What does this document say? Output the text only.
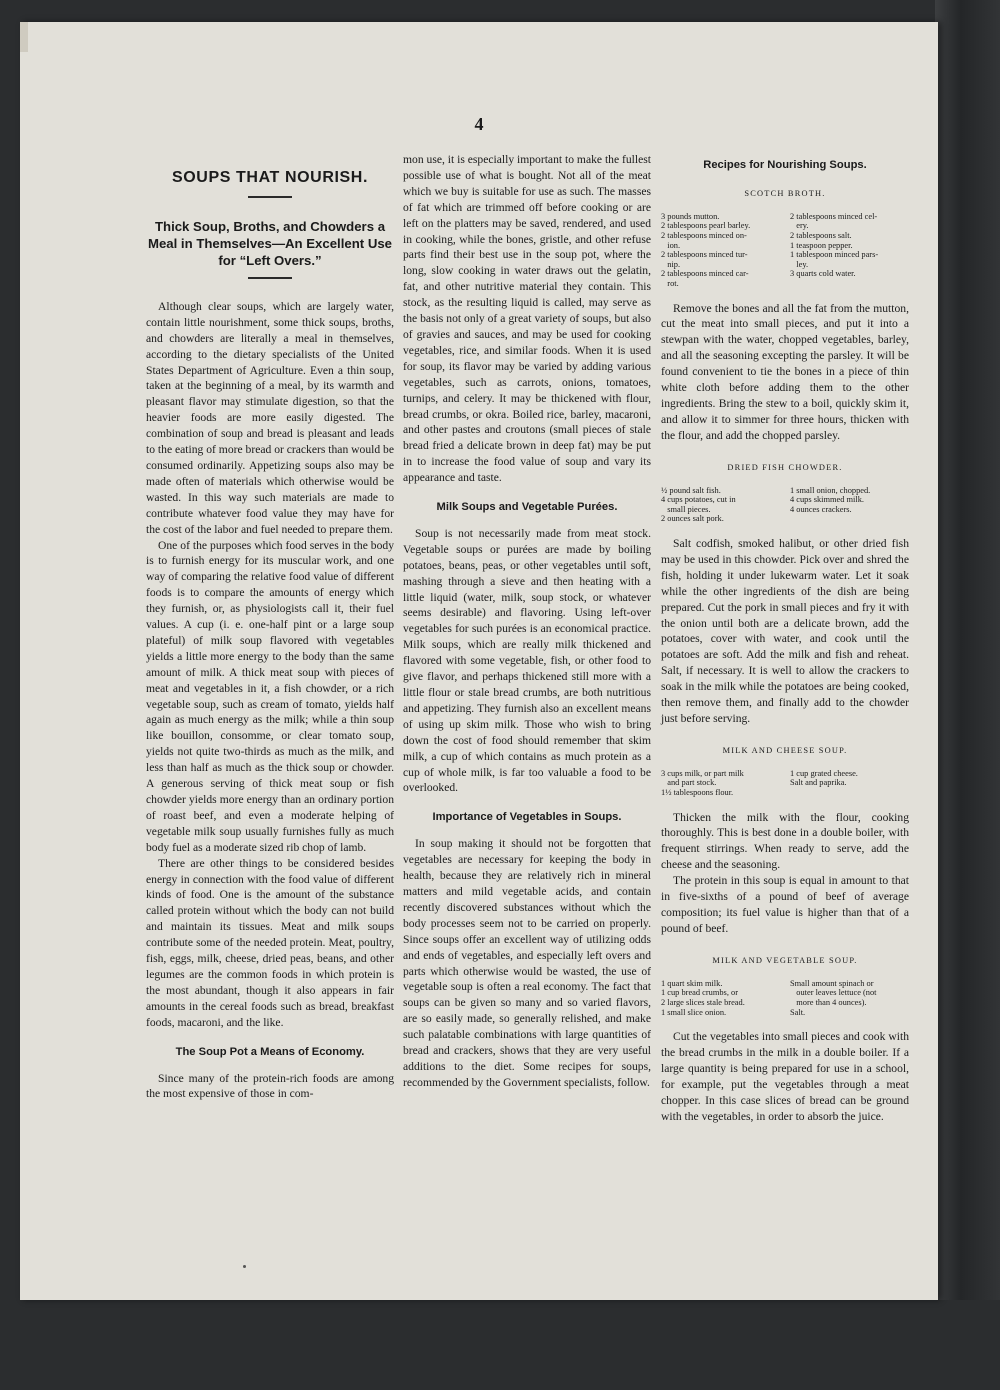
4
SOUPS THAT NOURISH.
Thick Soup, Broths, and Chowders a Meal in Themselves—An Excellent Use for “Left Overs.”

Although clear soups, which are largely water, contain little nourishment, some thick soups, broths, and chowders are literally a meal in themselves, according to the dietary specialists of the United States Department of Agriculture. Even a thin soup, taken at the beginning of a meal, by its warmth and pleasant flavor may stimulate digestion, so that the heavier foods are more easily digested. The combination of soup and bread is pleasant and leads to the eating of more bread or crackers than would be consumed ordinarily. Appetizing soups also may be made often of materials which otherwise would be wasted. In this way such materials are made to contribute whatever food value they may have for the cost of the labor and fuel needed to prepare them.

One of the purposes which food serves in the body is to furnish energy for its muscular work, and one way of comparing the relative food value of different foods is to compare the amounts of energy which they furnish, or, as physiologists call it, their fuel values. A cup (i. e. one-half pint or a large soup plateful) of milk soup flavored with vegetables yields a little more energy to the body than the same amount of milk. A thick meat soup with pieces of meat and vegetables in it, a fish chowder, or a rich vegetable soup, such as cream of tomato, yields half again as much energy as the milk; while a thin soup like bouillon, consomme, or clear tomato soup, yields not quite two-thirds as much as the milk, and less than half as much as the thick soup or chowder. A generous serving of thick meat soup or fish chowder yields more energy than an ordinary portion of roast beef, and even a moderate helping of vegetable milk soup usually furnishes fully as much body fuel as a moderate sized rib chop of lamb.

There are other things to be considered besides energy in connection with the food value of different kinds of food. One is the amount of the substance called protein without which the body can not build and maintain its tissues. Meat and milk soups contribute some of the needed protein. Meat, poultry, fish, eggs, milk, cheese, dried peas, beans, and other legumes are the common foods in which protein is the most abundant, though it also appears in fair amounts in the cereal foods such as bread, breakfast foods, macaroni, and the like.

The Soup Pot a Means of Economy.

Since many of the protein-rich foods are among the most expensive of those in com-

mon use, it is especially important to make the fullest possible use of what is bought. Not all of the meat which we buy is suitable for use as such. The masses of fat which are trimmed off before cooking or are left on the platters may be saved, rendered, and used in cooking, while the bones, gristle, and other refuse parts find their best use in the soup pot, where the long, slow cooking in water draws out the gelatin, fat, and other nutritive material they contain. This stock, as the resulting liquid is called, may serve as the basis not only of a great variety of soups, but also of gravies and sauces, and may be used for cooking vegetables, rice, and similar foods. When it is used for soup, its flavor may be varied by adding various vegetables, such as carrots, onions, tomatoes, turnips, and celery. It may be thickened with flour, bread crumbs, or okra. Boiled rice, barley, macaroni, and other pastes and croutons (small pieces of stale bread fried a delicate brown in deep fat) may be put in to increase the food value of soup and vary its appearance and taste.

Milk Soups and Vegetable Purées.

Soup is not necessarily made from meat stock. Vegetable soups or purées are made by boiling potatoes, beans, peas, or other vegetables until soft, mashing through a sieve and then heating with a little liquid (water, milk, soup stock, or whatever seems desirable) and flavoring. Using left-over vegetables for such purées is an economical practice. Milk soups, which are really milk thickened and flavored with some vegetable, fish, or other food to give flavor, and perhaps thickened still more with a little flour or stale bread crumbs, are both nutritious and appetizing. They furnish also an excellent means of using up skim milk. Those who wish to bring down the cost of food should remember that skim milk, a cup of which contains as much protein as a cup of whole milk, is far too valuable a food to be overlooked.

Importance of Vegetables in Soups.

In soup making it should not be forgotten that vegetables are necessary for keeping the body in health, because they are relatively rich in mineral matters and mild vegetable acids, and contain recently discovered substances without which the body processes seem not to be carried on properly. Since soups offer an excellent way of utilizing odds and ends of vegetables, and especially left overs and parts which otherwise would be wasted, the use of vegetable soup is often a real economy. The fact that soups can be given so many and so varied flavors, are so easily made, so generally relished, and make such palatable combinations with large quantities of bread and crackers, shows that they are very useful additions to the diet. Some recipes for soups, recommended by the Government specialists, follow.

Recipes for Nourishing Soups.
SCOTCH BROTH.
3 pounds mutton.
2 tablespoons pearl barley.
2 tablespoons minced on-
ion.
2 tablespoons minced tur-
nip.
2 tablespoons minced car-
rot.
2 tablespoons minced cel-
ery.
2 tablespoons salt.
1 teaspoon pepper.
1 tablespoon minced pars-
ley.
3 quarts cold water.

Remove the bones and all the fat from the mutton, cut the meat into small pieces, and put it into a stewpan with the water, chopped vegetables, barley, and all the seasoning excepting the parsley. It will be found convenient to tie the bones in a piece of thin white cloth before adding them to the other ingredients. Bring the stew to a boil, quickly skim it, and allow it to simmer for three hours, thicken with the flour, and add the chopped parsley.

DRIED FISH CHOWDER.
½ pound salt fish.
4 cups potatoes, cut in
small pieces.
2 ounces salt pork.
1 small onion, chopped.
4 cups skimmed milk.
4 ounces crackers.

Salt codfish, smoked halibut, or other dried fish may be used in this chowder. Pick over and shred the fish, holding it under lukewarm water. Let it soak while the other ingredients of the dish are being prepared. Cut the pork in small pieces and fry it with the onion until both are a delicate brown, add the potatoes, cover with water, and cook until the potatoes are soft. Add the milk and fish and reheat. Salt, if necessary. It is well to allow the crackers to soak in the milk while the potatoes are being cooked, then remove them, and finally add to the chowder just before serving.

MILK AND CHEESE SOUP.
3 cups milk, or part milk
and part stock.
1½ tablespoons flour.
1 cup grated cheese.
Salt and paprika.

Thicken the milk with the flour, cooking thoroughly. This is best done in a double boiler, with frequent stirrings. When ready to serve, add the cheese and the seasoning.

The protein in this soup is equal in amount to that in five-sixths of a pound of beef of average composition; its fuel value is higher than that of a pound of beef.

MILK AND VEGETABLE SOUP.
1 quart skim milk.
1 cup bread crumbs, or
2 large slices stale bread.
1 small slice onion.
Small amount spinach or
outer leaves lettuce (not
more than 4 ounces).
Salt.

Cut the vegetables into small pieces and cook with the bread crumbs in the milk in a double boiler. If a large quantity is being prepared for use in a school, for example, put the vegetables through a meat chopper. In this case slices of bread can be ground with the vegetables, in order to absorb the juice.
